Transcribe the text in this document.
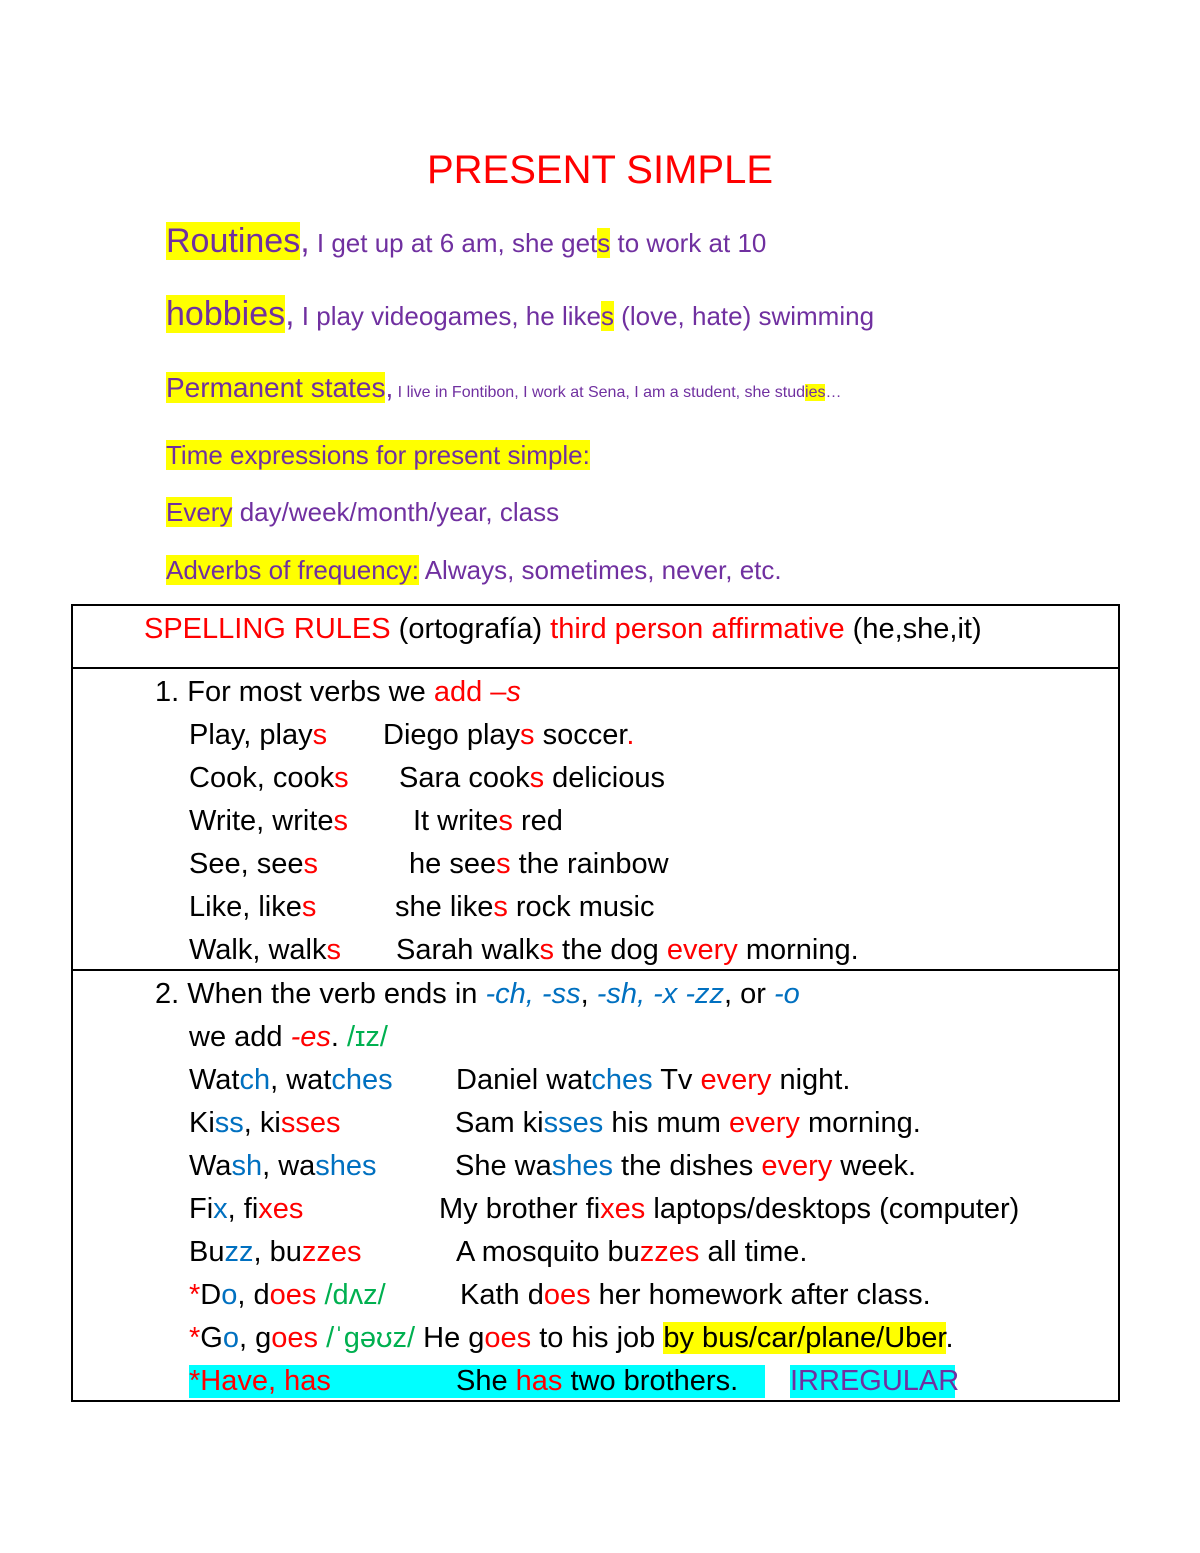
PRESENT SIMPLE
Routines, I get up at 6 am, she gets to work at 10
hobbies, I play videogames, he likes (love, hate) swimming
Permanent states, I live in Fontibon, I work at Sena, I am a student, she studies…
Time expressions for present simple:
Every day/week/month/year, class
Adverbs of frequency: Always, sometimes, never, etc.

SPELLING RULES (ortografía) third person affirmative (he,she,it)
1. For most verbs we add –s
Play, plays Diego plays soccer.
Cook, cooks Sara cooks delicious
Write, writes It writes red
See, sees	he sees the rainbow
Like, likes	she likes rock music
Walk, walks Sarah walks the dog every morning.
2. When the verb ends in -ch, -ss, -sh, -x -zz, or -o
we add -es. /ɪz/
Watch, watches Daniel watches Tv every night.
Kiss, kisses	Sam kisses his mum every morning.
Wash, washes	She washes the dishes every week.
Fix, fixes	My brother fixes laptops/desktops (computer)
Buzz, buzzes	A mosquito buzzes all time.
*Do, does /dʌz/	Kath does her homework after class.
*Go, goes /ˈɡəʊz/ He goes to his job by bus/car/plane/Uber.
*Have, has	She has two brothers. IRREGULAR
